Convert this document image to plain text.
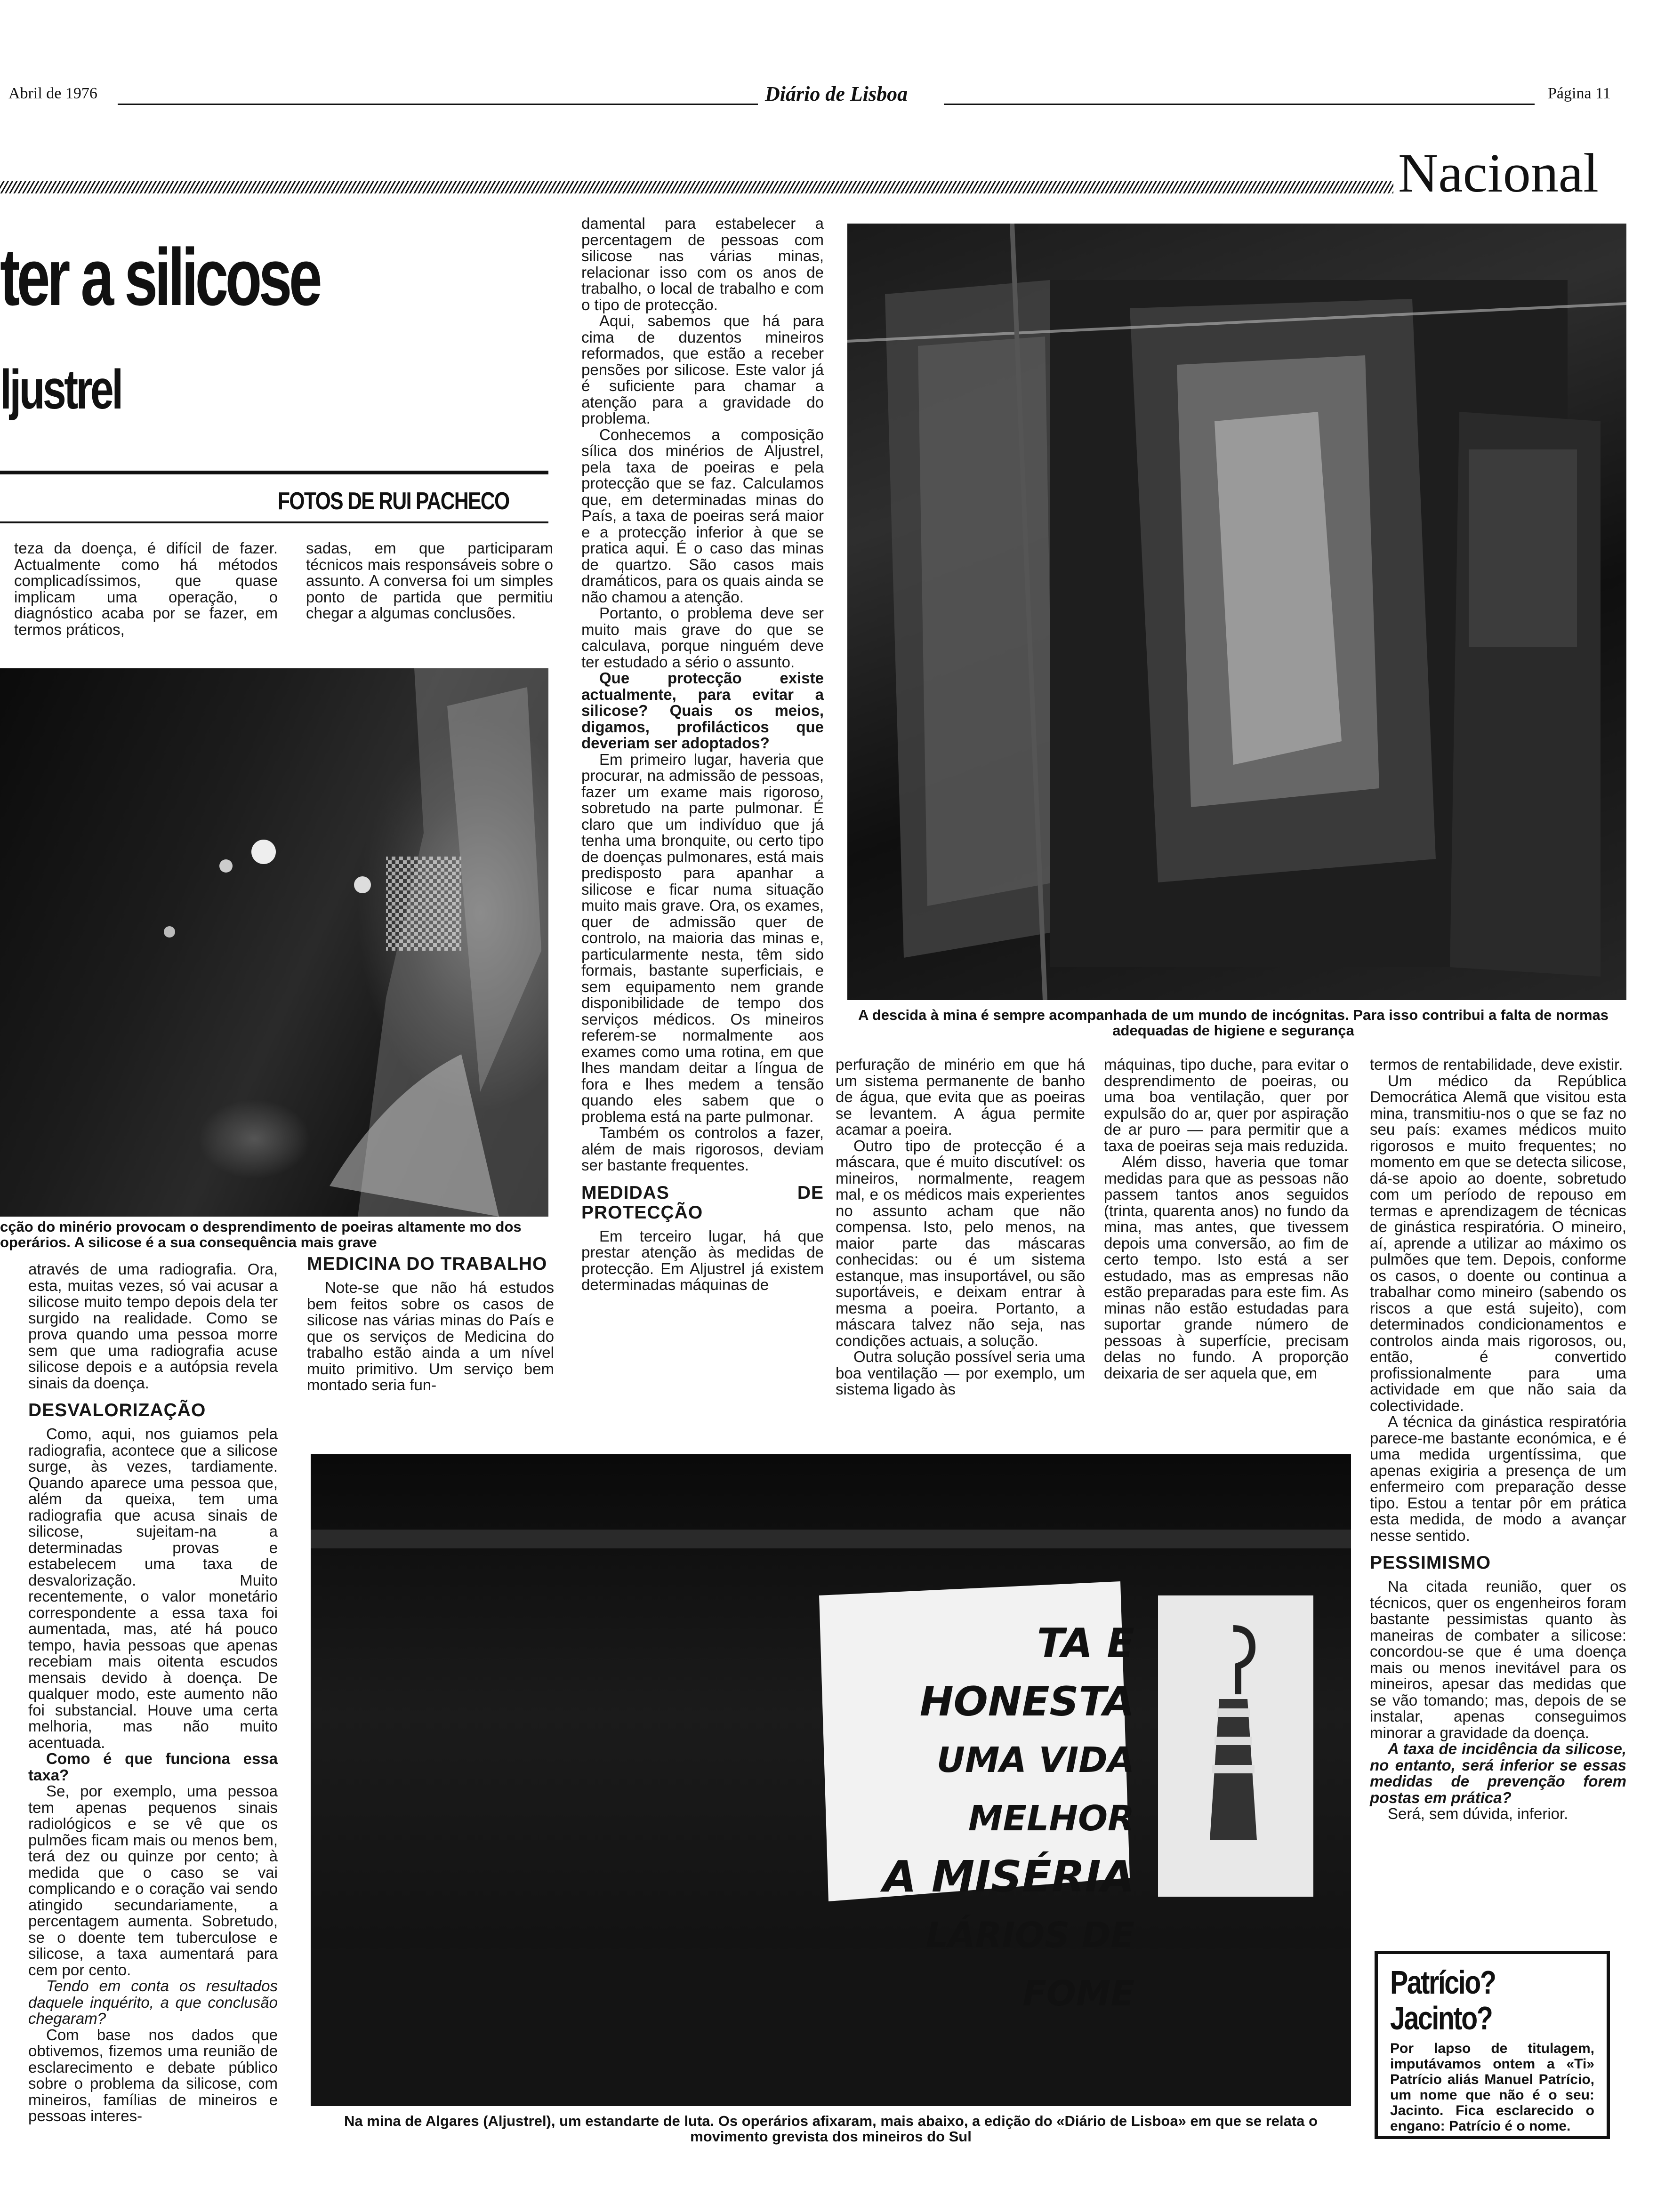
Abril de 1976	Diário de Lisboa	Página 11
Nacional
ter a silicose
ljustrel
FOTOS DE RUI PACHECO

teza da doença, é difícil de fazer. Actualmente como há métodos complicadíssimos, que quase implicam uma operação, o diagnóstico acaba por se fazer, em termos práticos,

sadas, em que participaram técnicos mais responsáveis sobre o assunto. A conversa foi um simples ponto de partida que permitiu chegar a algumas conclusões.

cção do minério provocam o desprendimento de poeiras altamente mo dos operários. A silicose é a sua consequência mais grave

damental para estabelecer a percentagem de pessoas com silicose nas várias minas, relacionar isso com os anos de trabalho, o local de trabalho e com o tipo de protecção.

Aqui, sabemos que há para cima de duzentos mineiros reformados, que estão a receber pensões por silicose. Este valor já é suficiente para chamar a atenção para a gravidade do problema.

Conhecemos a composição sílica dos minérios de Aljustrel, pela taxa de poeiras e pela protecção que se faz. Calculamos que, em determinadas minas do País, a taxa de poeiras será maior e a protecção inferior à que se pratica aqui. É o caso das minas de quartzo. São casos mais dramáticos, para os quais ainda se não chamou a atenção.

Portanto, o problema deve ser muito mais grave do que se calculava, porque ninguém deve ter estudado a sério o assunto.

Que protecção existe actualmente, para evitar a silicose? Quais os meios, digamos, profilácticos que deveriam ser adoptados?

Em primeiro lugar, haveria que procurar, na admissão de pessoas, fazer um exame mais rigoroso, sobretudo na parte pulmonar. É claro que um indivíduo que já tenha uma bronquite, ou certo tipo de doenças pulmonares, está mais predisposto para apanhar a silicose e ficar numa situação muito mais grave. Ora, os exames, quer de admissão quer de controlo, na maioria das minas e, particularmente nesta, têm sido formais, bastante superficiais, e sem equipamento nem grande disponibilidade de tempo dos serviços médicos. Os mineiros referem-se normalmente aos exames como uma rotina, em que lhes mandam deitar a língua de fora e lhes medem a tensão quando eles sabem que o problema está na parte pulmonar.

Também os controlos a fazer, além de mais rigorosos, deviam ser bastante frequentes.

MEDIDAS DE PROTECÇÃO

Em terceiro lugar, há que prestar atenção às medidas de protecção. Em Aljustrel já existem determinadas máquinas de

A descida à mina é sempre acompanhada de um mundo de incógnitas. Para isso contribui a falta de normas adequadas de higiene e segurança

perfuração de minério em que há um sistema permanente de banho de água, que evita que as poeiras se levantem. A água permite acamar a poeira.

Outro tipo de protecção é a máscara, que é muito discutível: os mineiros, normalmente, reagem mal, e os médicos mais experientes no assunto acham que não compensa. Isto, pelo menos, na maior parte das máscaras conhecidas: ou é um sistema estanque, mas insuportável, ou são suportáveis, e deixam entrar à mesma a poeira. Portanto, a máscara talvez não seja, nas condições actuais, a solução.

Outra solução possível seria uma boa ventilação — por exemplo, um sistema ligado às

máquinas, tipo duche, para evitar o desprendimento de poeiras, ou uma boa ventilação, quer por expulsão do ar, quer por aspiração de ar puro — para permitir que a taxa de poeiras seja mais reduzida.

Além disso, haveria que tomar medidas para que as pessoas não passem tantos anos seguidos (trinta, quarenta anos) no fundo da mina, mas antes, que tivessem depois uma conversão, ao fim de certo tempo. Isto está a ser estudado, mas as empresas não estão preparadas para este fim. As minas não estão estudadas para suportar grande número de pessoas à superfície, precisam delas no fundo. A proporção deixaria de ser aquela que, em

através de uma radiografia. Ora, esta, muitas vezes, só vai acusar a silicose muito tempo depois dela ter surgido na realidade. Como se prova quando uma pessoa morre sem que uma radiografia acuse silicose depois e a autópsia revela sinais da doença.

DESVALORIZAÇÃO

Como, aqui, nos guiamos pela radiografia, acontece que a silicose surge, às vezes, tardiamente. Quando aparece uma pessoa que, além da queixa, tem uma radiografia que acusa sinais de silicose, sujeitam-na a determinadas provas e estabelecem uma taxa de desvalorização. Muito recentemente, o valor monetário correspondente a essa taxa foi aumentada, mas, até há pouco tempo, havia pessoas que apenas recebiam mais oitenta escudos mensais devido à doença. De qualquer modo, este aumento não foi substancial. Houve uma certa melhoria, mas não muito acentuada.

Como é que funciona essa taxa?

Se, por exemplo, uma pessoa tem apenas pequenos sinais radiológicos e se vê que os pulmões ficam mais ou menos bem, terá dez ou quinze por cento; à medida que o caso se vai complicando e o coração vai sendo atingido secundariamente, a percentagem aumenta. Sobretudo, se o doente tem tuberculose e silicose, a taxa aumentará para cem por cento.

Tendo em conta os resultados daquele inquérito, a que conclusão chegaram?

Com base nos dados que obtivemos, fizemos uma reunião de esclarecimento e debate público sobre o problema da silicose, com mineiros, famílias de mineiros e pessoas interes-

MEDICINA DO TRABALHO

Note-se que não há estudos bem feitos sobre os casos de silicose nas várias minas do País e que os serviços de Medicina do trabalho estão ainda a um nível muito primitivo. Um serviço bem montado seria fun-

TA E HONESTA
UMA VIDA MELHOR
A MISÉRIA
LÁRIOS DE FOME
Na mina de Algares (Aljustrel), um estandarte de luta. Os operários afixaram, mais abaixo, a edição do «Diário de Lisboa» em que se relata o movimento grevista dos mineiros do Sul

termos de rentabilidade, deve existir.

Um médico da República Democrática Alemã que visitou esta mina, transmitiu-nos o que se faz no seu país: exames médicos muito rigorosos e muito frequentes; no momento em que se detecta silicose, dá-se apoio ao doente, sobretudo com um período de repouso em termas e aprendizagem de técnicas de ginástica respiratória. O mineiro, aí, aprende a utilizar ao máximo os pulmões que tem. Depois, conforme os casos, o doente ou continua a trabalhar como mineiro (sabendo os riscos a que está sujeito), com determinados condicionamentos e controlos ainda mais rigorosos, ou, então, é convertido profissionalmente para uma actividade em que não saia da colectividade.

A técnica da ginástica respiratória parece-me bastante económica, e é uma medida urgentíssima, que apenas exigiria a presença de um enfermeiro com preparação desse tipo. Estou a tentar pôr em prática esta medida, de modo a avançar nesse sentido.

PESSIMISMO

Na citada reunião, quer os técnicos, quer os engenheiros foram bastante pessimistas quanto às maneiras de combater a silicose: concordou-se que é uma doença mais ou menos inevitável para os mineiros, apesar das medidas que se vão tomando; mas, depois de se instalar, apenas conseguimos minorar a gravidade da doença.

A taxa de incidência da silicose, no entanto, será inferior se essas medidas de prevenção forem postas em prática?

Será, sem dúvida, inferior.

Patrício?
Jacinto?
Por lapso de titulagem, imputávamos ontem a «Ti» Patrício aliás Manuel Patrício, um nome que não é o seu: Jacinto. Fica esclarecido o engano: Patrício é o nome.
